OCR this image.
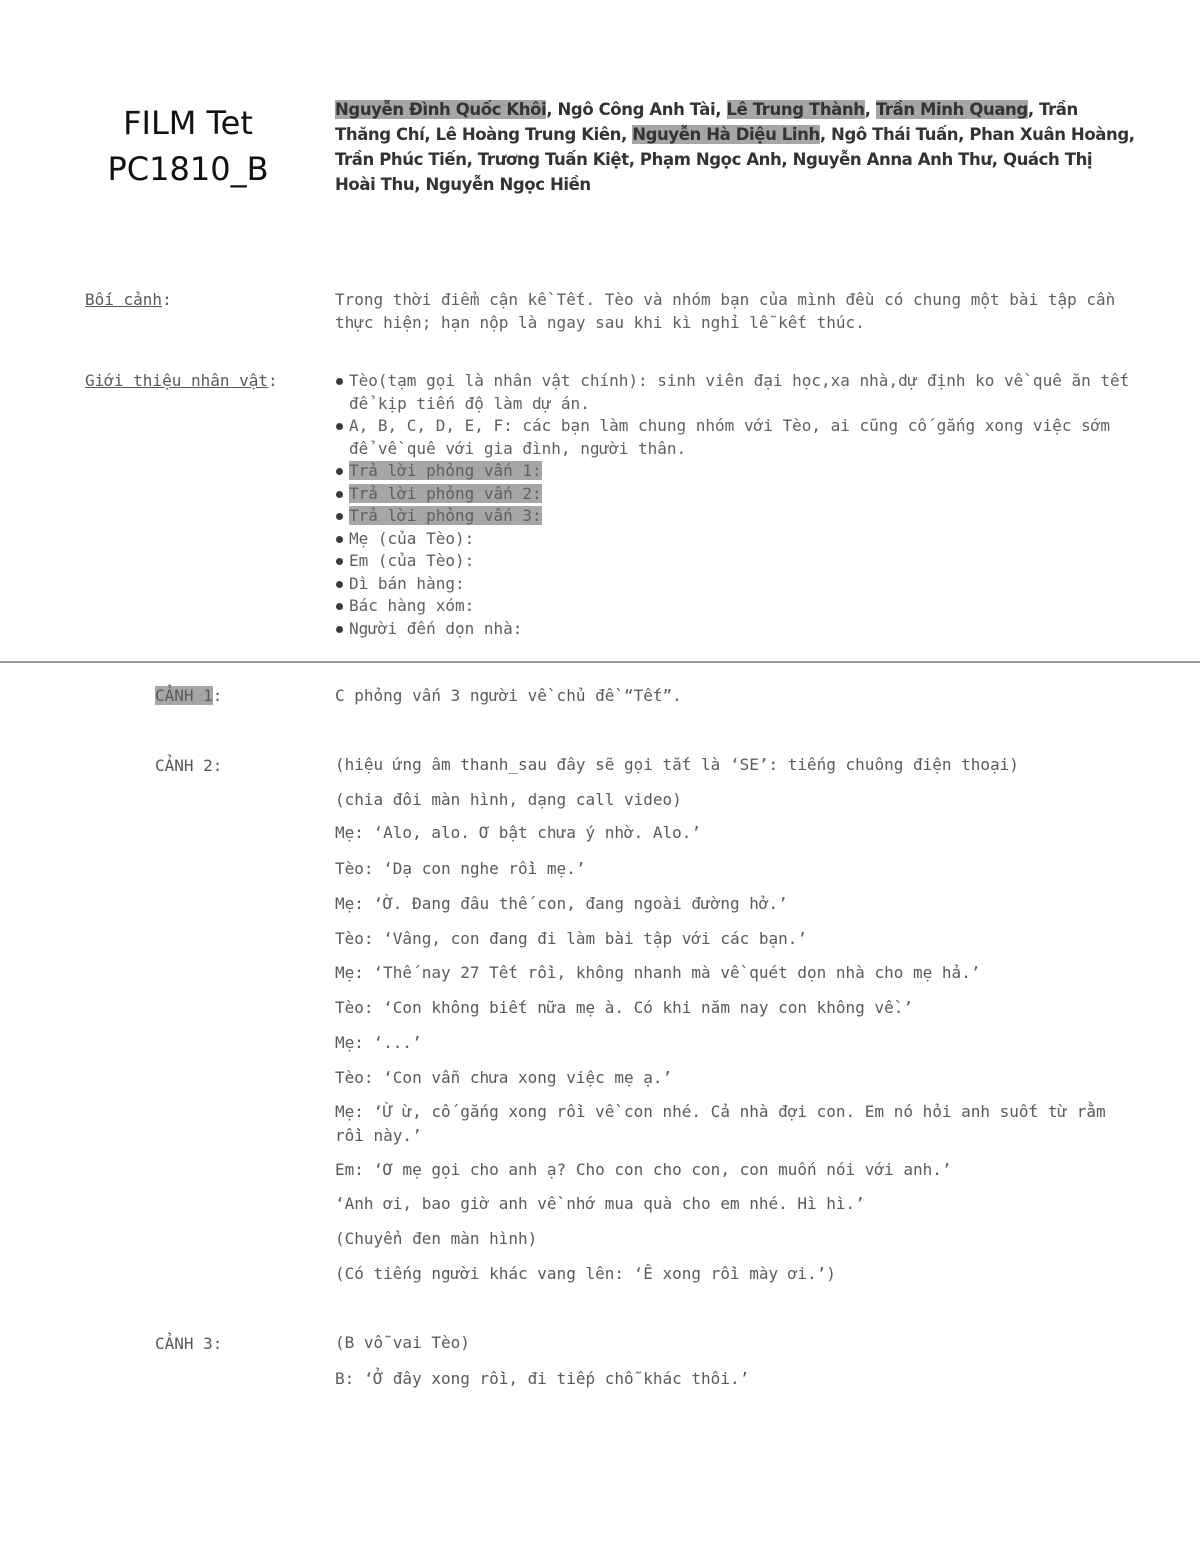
FILM Tet
PC1810_B
Nguyễn Đình Quốc Khôi, Ngô Công Anh Tài, Lê Trung Thành, Trần Minh Quang, Trần Thăng Chí, Lê Hoàng Trung Kiên, Nguyễn Hà Diệu Linh, Ngô Thái Tuấn, Phan Xuân Hoàng, Trần Phúc Tiến, Trương Tuấn Kiệt, Phạm Ngọc Anh, Nguyễn Anna Anh Thư, Quách Thị Hoài Thu, Nguyễn Ngọc Hiền
Bối cảnh:	Trong thời điểm cận kề Tết. Tèo và nhóm bạn của mình đều có chung một bài tập cần thực hiện; hạn nộp là ngay sau khi kì nghỉ lễ kết thúc.
Giới thiệu nhân vật:	Tèo(tạm gọi là nhân vật chính): sinh viên đại học,xa nhà,dự định ko về quê ăn tết để kịp tiến độ làm dự án.
A, B, C, D, E, F: các bạn làm chung nhóm với Tèo, ai cũng cố gắng xong việc sớm để về quê với gia đình, người thân.
Trả lời phỏng vấn 1:
Trả lời phỏng vấn 2:
Trả lời phỏng vấn 3:
Mẹ (của Tèo):
Em (của Tèo):
Dì bán hàng:
Bác hàng xóm:
Người đến dọn nhà:
CẢNH 1:	C phỏng vấn 3 người về chủ đề “Tết”.
CẢNH 2:	(hiệu ứng âm thanh_sau đây sẽ gọi tắt là ‘SE’: tiếng chuông điện thoại)
(chia đôi màn hình, dạng call video)
Mẹ: ‘Alo, alo. Ơ bật chưa ý nhờ. Alo.’
Tèo: ‘Dạ con nghe rồi mẹ.’
Mẹ: ‘Ờ. Đang đâu thế con, đang ngoài đường hở.’
Tèo: ‘Vâng, con đang đi làm bài tập với các bạn.’
Mẹ: ‘Thế nay 27 Tết rồi, không nhanh mà về quét dọn nhà cho mẹ hả.’
Tèo: ‘Con không biết nữa mẹ à. Có khi năm nay con không về.’
Mẹ: ‘...’
Tèo: ‘Con vẫn chưa xong việc mẹ ạ.’
Mẹ: ‘Ừ ừ, cố gắng xong rồi về con nhé. Cả nhà đợi con. Em nó hỏi anh suốt từ rằm rồi này.’
Em: ‘Ơ mẹ gọi cho anh ạ? Cho con cho con, con muốn nói với anh.’
‘Anh ơi, bao giờ anh về nhớ mua quà cho em nhé. Hì hì.’
(Chuyển đen màn hình)
(Có tiếng người khác vang lên: ‘Ê xong rồi mày ơi.’)
CẢNH 3:	(B vỗ vai Tèo)
B: ‘Ở đây xong rồi, đi tiếp chỗ khác thôi.’
